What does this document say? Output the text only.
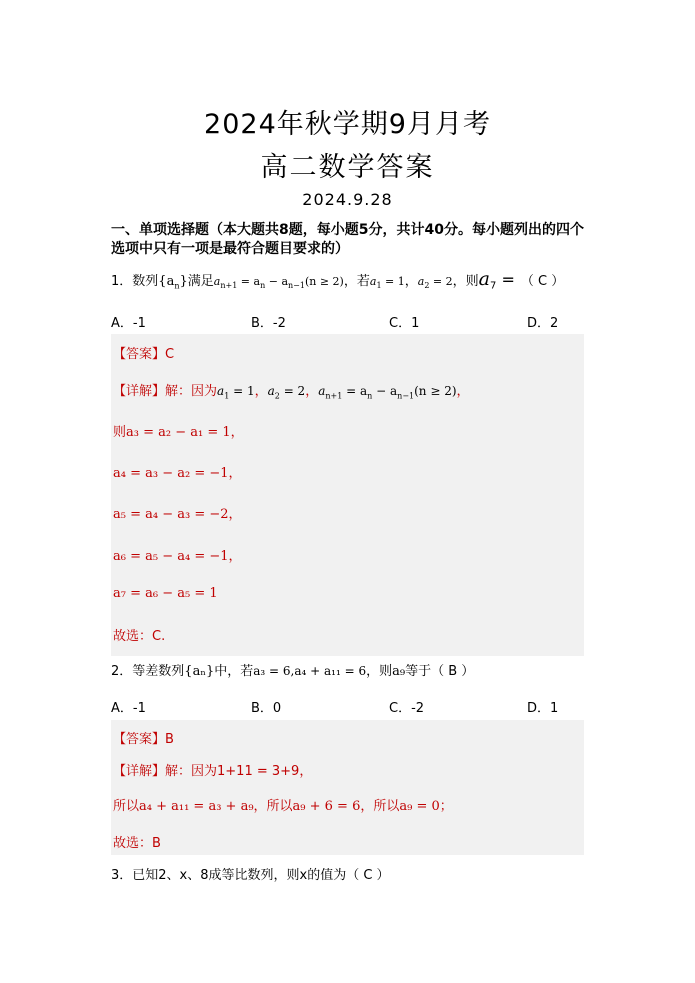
2024年秋学期9月月考
高二数学答案
2024.9.28
一、单项选择题（本大题共8题，每小题5分，共计40分。每小题列出的四个选项中只有一项是最符合题目要求的）
1．数列$\{a_n\}$满足$a_{n+1} = a_n - a_{n-1}(n \ge 2)$，若$a_1 = 1$，$a_2 = 2$，则$a_7$ = （ C ）
A．-1	B．-2	C．1	D．2
【答案】C
【详解】解：因为$a_1 = 1$，$a_2 = 2$，$a_{n+1} = a_n - a_{n-1}(n \ge 2)$，
则a₃ = a₂ − a₁ = 1，
a₄ = a₃ − a₂ = −1，
a₅ = a₄ − a₃ = −2，
a₆ = a₅ − a₄ = −1，
a₇ = a₆ − a₅ = 1
故选：C.
2．等差数列{aₙ}中，若a₃ = 6,a₄ + a₁₁ = 6，则a₉等于（ B ）
A．-1	B．0	C．-2	D．1
【答案】B
【详解】解：因为1+11 = 3+9，
所以a₄ + a₁₁ = a₃ + a₉，所以a₉ + 6 = 6，所以a₉ = 0；
故选：B
3．已知2、x、8成等比数列，则x的值为（ C ）
